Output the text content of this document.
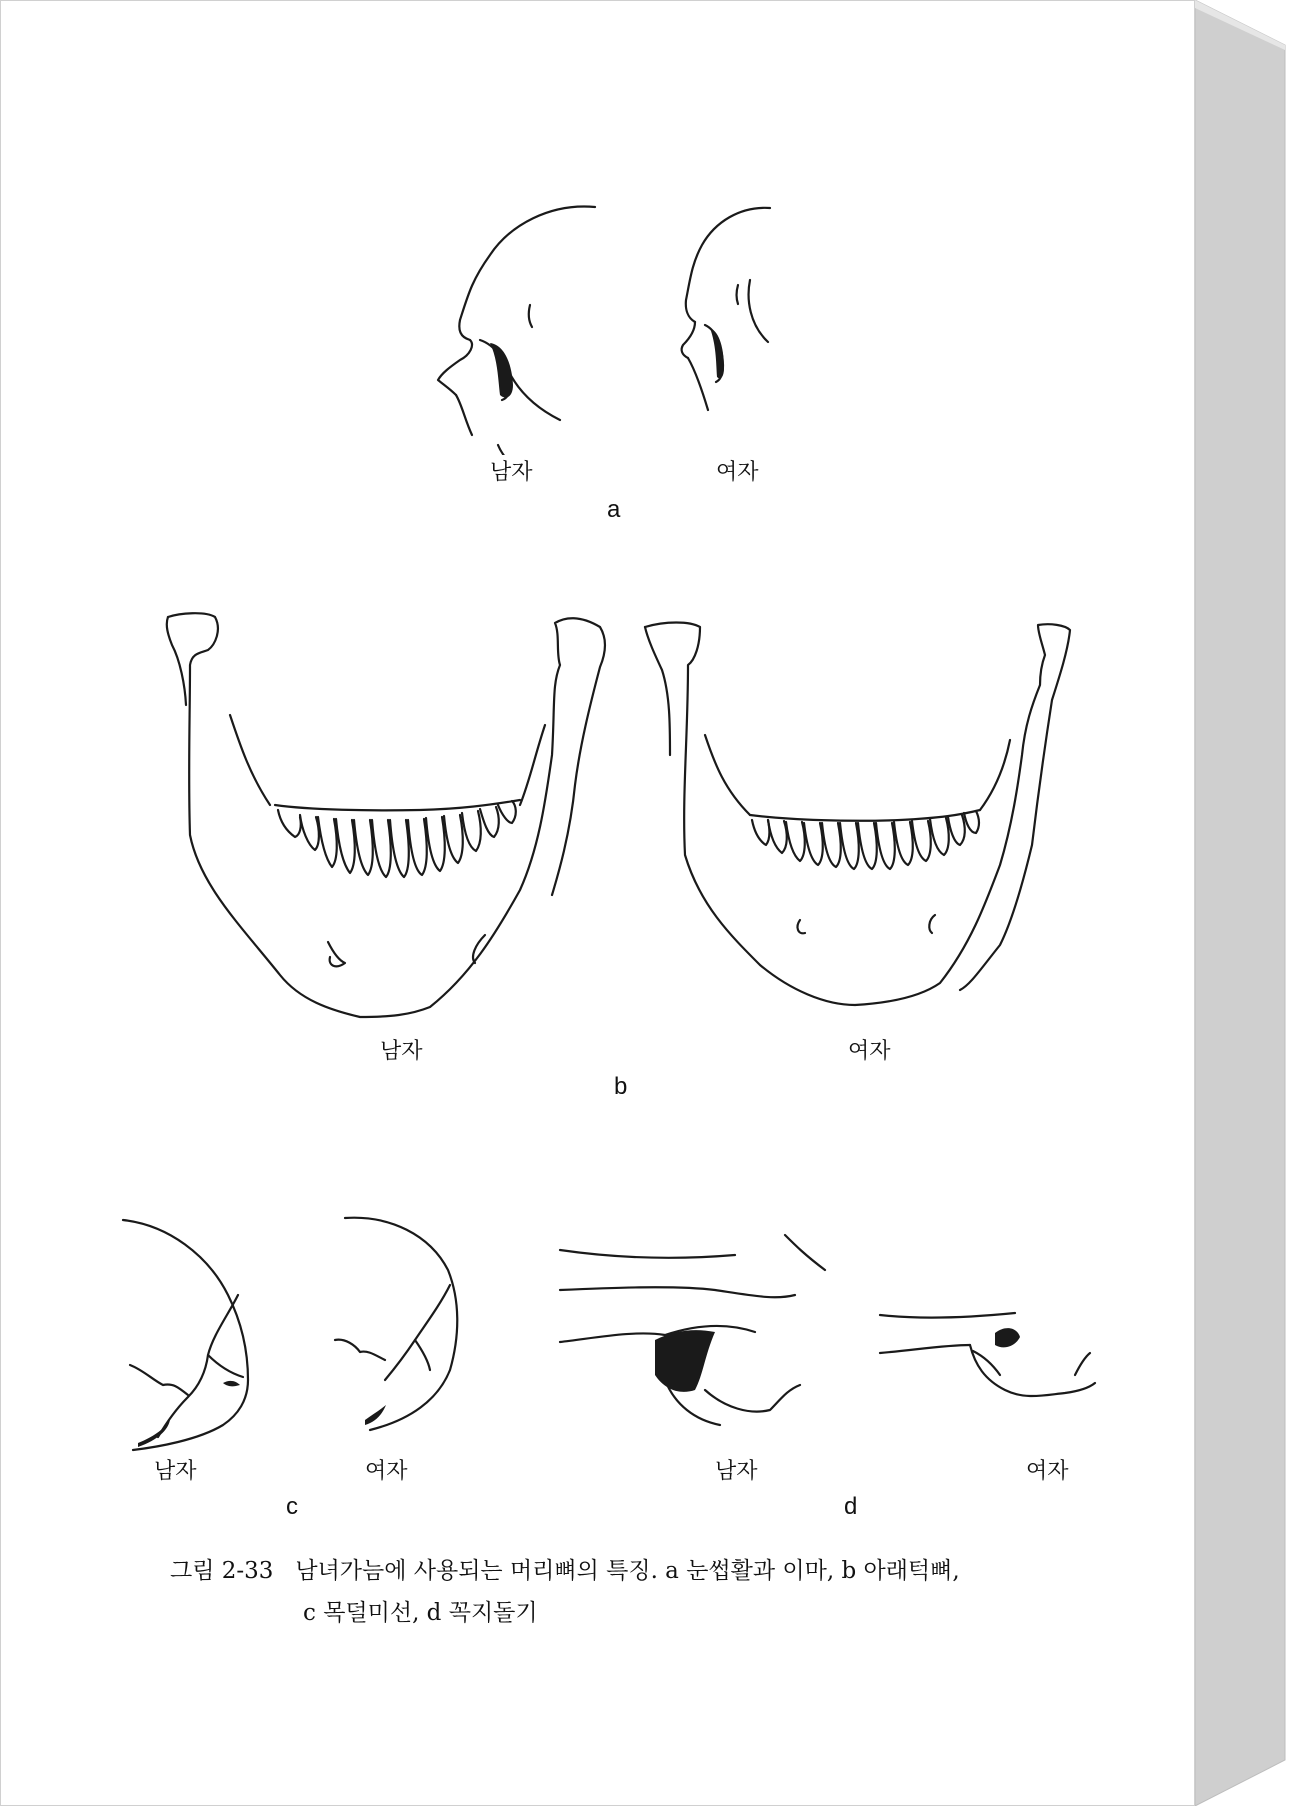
남자	여자
a
남자	여자
b
남자	여자
c
남자	여자
d
그림 2-33 남녀가늠에 사용되는 머리뼈의 특징. a 눈썹활과 이마, b 아래턱뼈,
c 목덜미선, d 꼭지돌기
